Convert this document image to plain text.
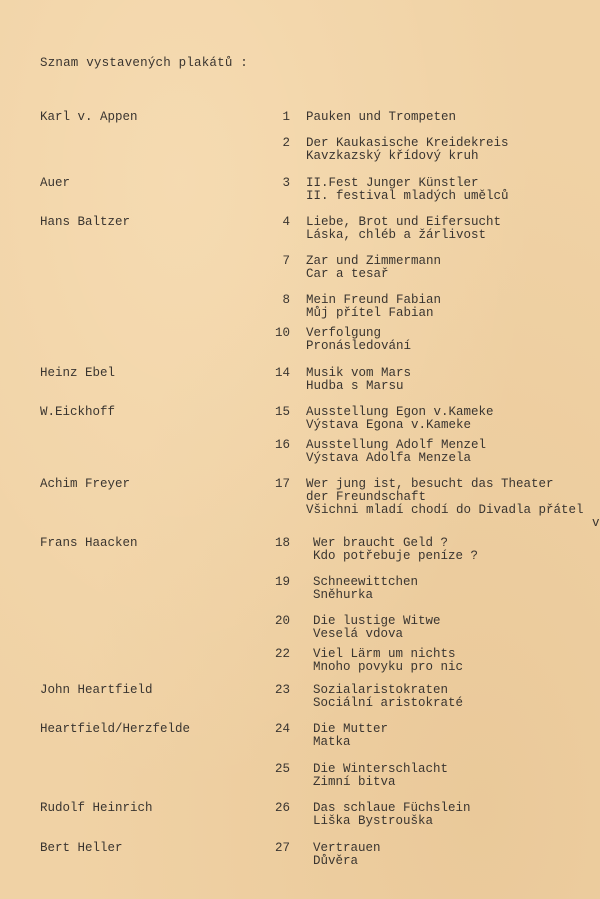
Sznam vystavených plakátů :
Karl v. Appen	1 Pauken und Trompeten
2 Der Kaukasische Kreidekreis
Kavzkazský křídový kruh
Auer	3 II.Fest Junger Künstler
II. festival mladých umělců
Hans Baltzer	4 Liebe, Brot und Eifersucht
Láska, chléb a žárlivost
7 Zar und Zimmermann
Car a tesař
8 Mein Freund Fabian
Můj přítel Fabian
10 Verfolgung
Pronásledování
Heinz Ebel	14 Musik vom Mars
Hudba s Marsu
W.Eickhoff	15 Ausstellung Egon v.Kameke
Výstava Egona v.Kameke
16 Ausstellung Adolf Menzel
Výstava Adolfa Menzela
Achim Freyer	17 Wer jung ist, besucht das Theater
der Freundschaft
Všichni mladí chodí do Divadla přátel
Frans Haacken	18 Wer braucht Geld ?
Kdo potřebuje peníze ?
19 Schneewittchen
Sněhurka
20 Die lustige Witwe
Veselá vdova
22 Viel Lärm um nichts
Mnoho povyku pro nic
John Heartfield	23 Sozialaristokraten
Sociální aristokraté
Heartfield/Herzfelde	24 Die Mutter
Matka
25 Die Winterschlacht
Zimní bitva
Rudolf Heinrich	26 Das schlaue Füchslein
Liška Bystrouška
Bert Heller	27 Vertrauen
Důvěra
v
